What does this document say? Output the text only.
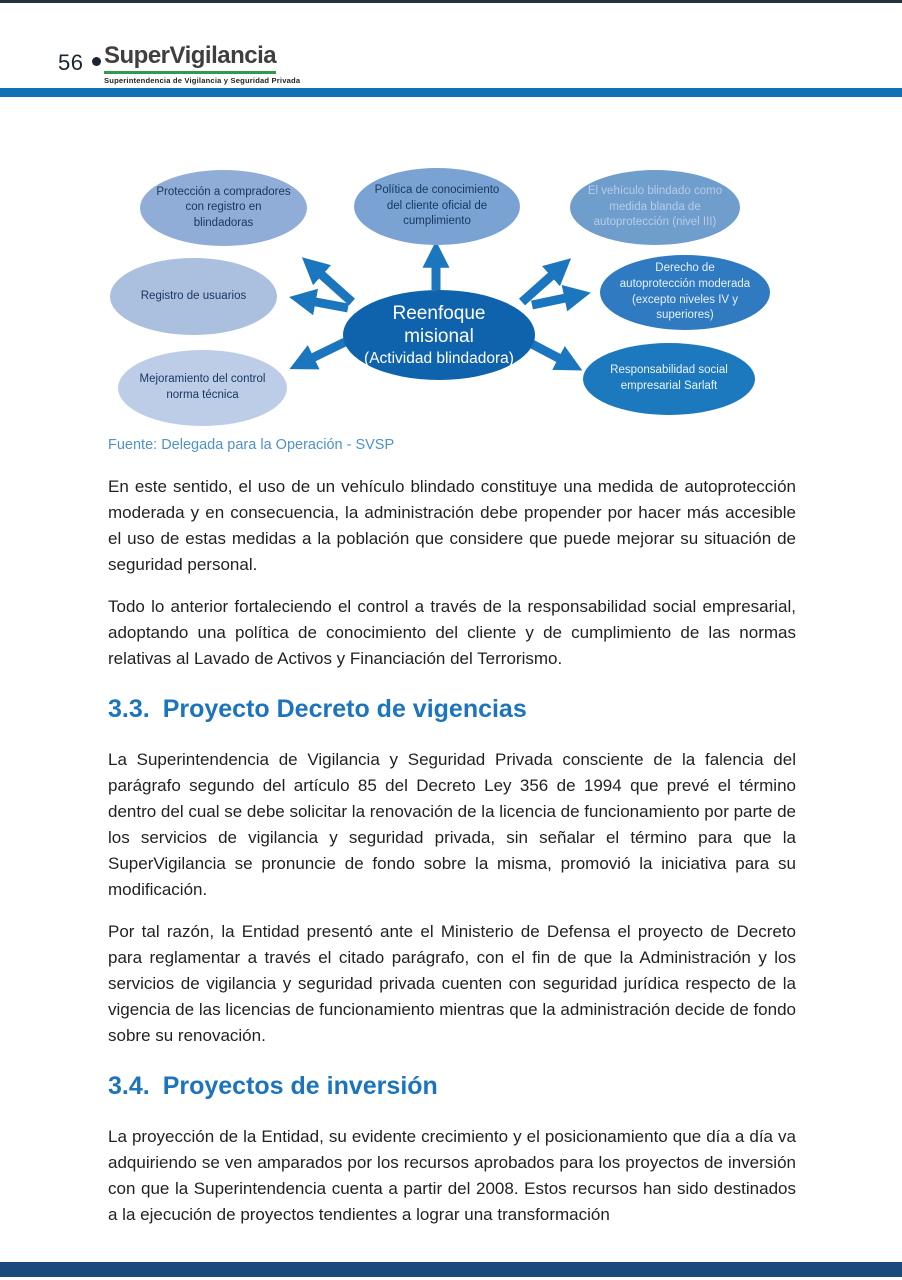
56 SuperVigilancia
Superintendencia de Vigilancia y Seguridad Privada
Protección a compradores con registro en blindadoras
Política de conocimiento del cliente oficial de cumplimiento
El vehículo blindado como medida blanda de autoprotección (nivel III)
Registro de usuarios
Derecho de autoprotección moderada (excepto niveles IV y superiores)
Mejoramiento del control norma técnica
Responsabilidad social empresarial Sarlaft
Reenfoque misional
(Actividad blindadora)
Fuente: Delegada para la Operación - SVSP

En este sentido, el uso de un vehículo blindado constituye una medida de autoprotección moderada y en consecuencia, la administración debe propender por hacer más accesible el uso de estas medidas a la población que considere que puede mejorar su situación de seguridad personal.

Todo lo anterior fortaleciendo el control a través de la responsabilidad social empresarial, adoptando una política de conocimiento del cliente y de cumplimiento de las normas relativas al Lavado de Activos y Financiación del Terrorismo.

3.3. Proyecto Decreto de vigencias

La Superintendencia de Vigilancia y Seguridad Privada consciente de la falencia del parágrafo segundo del artículo 85 del Decreto Ley 356 de 1994 que prevé el término dentro del cual se debe solicitar la renovación de la licencia de funcionamiento por parte de los servicios de vigilancia y seguridad privada, sin señalar el término para que la SuperVigilancia se pronuncie de fondo sobre la misma, promovió la iniciativa para su modificación.

Por tal razón, la Entidad presentó ante el Ministerio de Defensa el proyecto de Decreto para reglamentar a través el citado parágrafo, con el fin de que la Administración y los servicios de vigilancia y seguridad privada cuenten con seguridad jurídica respecto de la vigencia de las licencias de funcionamiento mientras que la administración decide de fondo sobre su renovación.

3.4. Proyectos de inversión

La proyección de la Entidad, su evidente crecimiento y el posicionamiento que día a día va adquiriendo se ven amparados por los recursos aprobados para los proyectos de inversión con que la Superintendencia cuenta a partir del 2008. Estos recursos han sido destinados a la ejecución de proyectos tendientes a lograr una transformación
